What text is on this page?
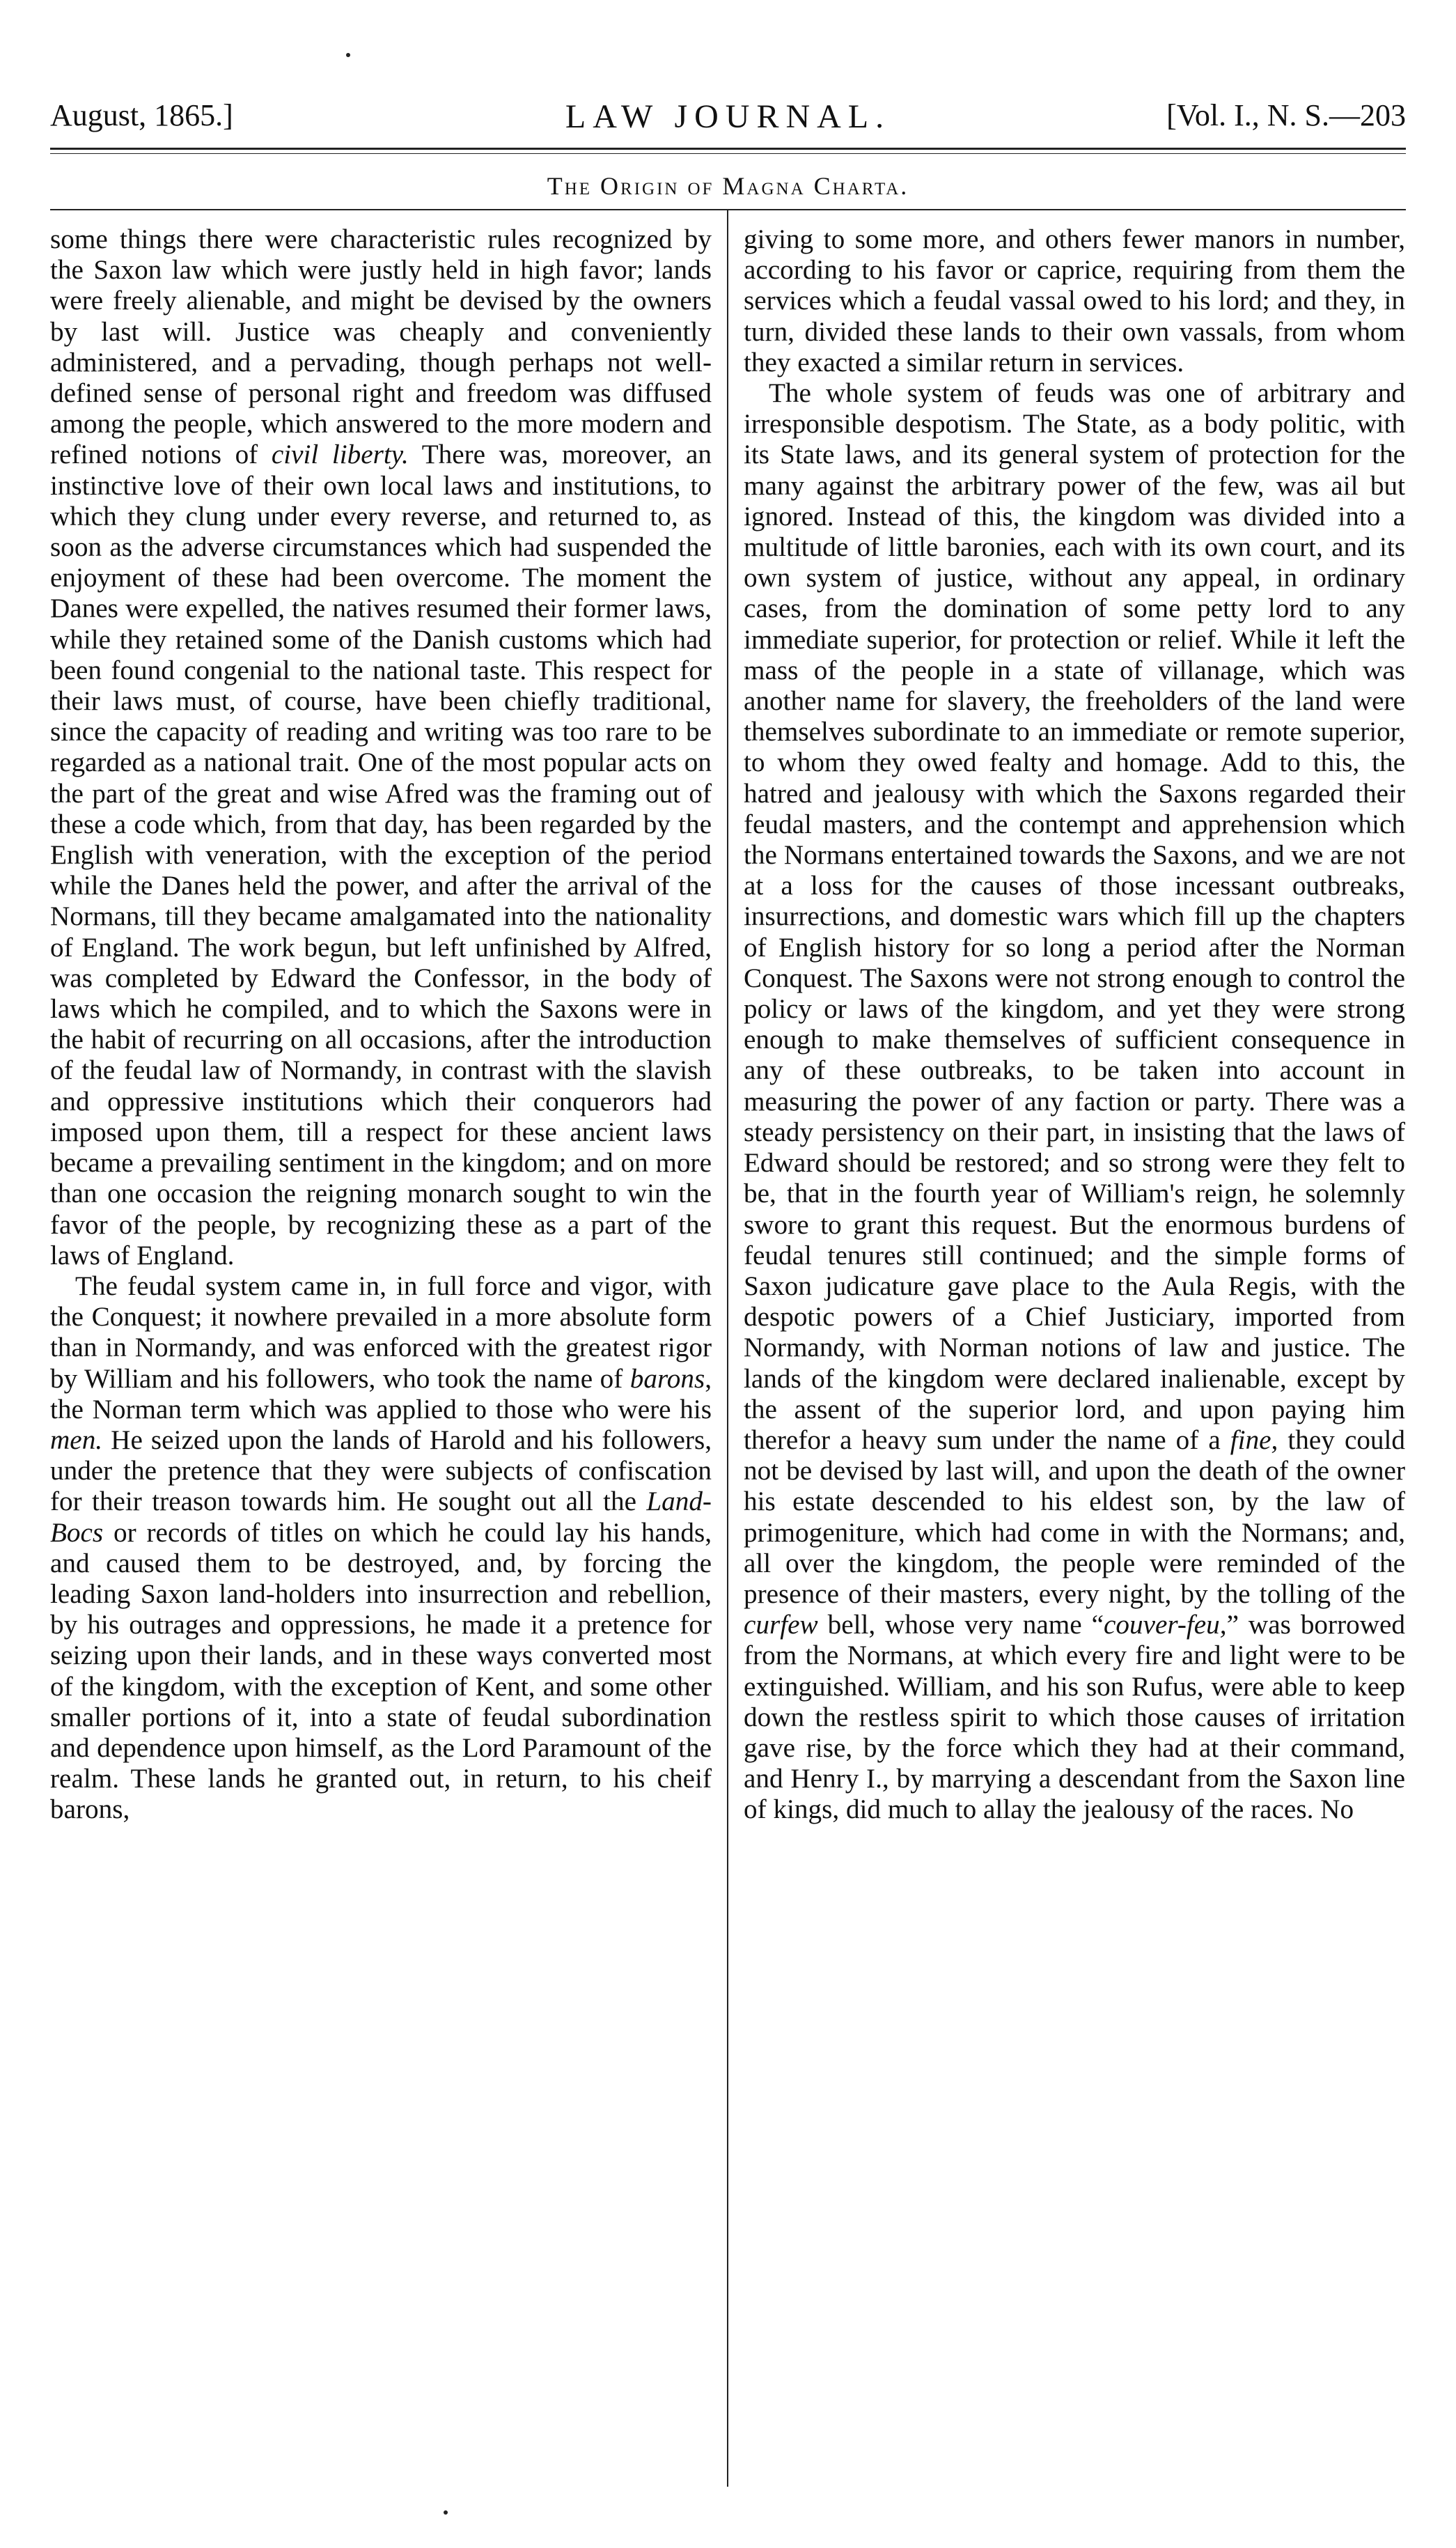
August, 1865.]	LAW JOURNAL.	[Vol. I., N. S.—203
The Origin of Magna Charta.

some things there were characteristic rules recognized by the Saxon law which were justly held in high favor; lands were freely alienable, and might be devised by the owners by last will. Justice was cheaply and conveniently administered, and a pervading, though perhaps not well-defined sense of personal right and freedom was diffused among the people, which answered to the more modern and refined notions of civil liberty. There was, moreover, an instinctive love of their own local laws and institutions, to which they clung under every reverse, and returned to, as soon as the adverse circumstances which had suspended the enjoyment of these had been overcome. The moment the Danes were expelled, the natives resumed their former laws, while they retained some of the Danish customs which had been found congenial to the national taste. This respect for their laws must, of course, have been chiefly traditional, since the capacity of reading and writing was too rare to be regarded as a national trait. One of the most popular acts on the part of the great and wise Afred was the framing out of these a code which, from that day, has been regarded by the English with veneration, with the exception of the period while the Danes held the power, and after the arrival of the Normans, till they became amalgamated into the nationality of England. The work begun, but left unfinished by Alfred, was completed by Edward the Confessor, in the body of laws which he compiled, and to which the Saxons were in the habit of recurring on all occasions, after the introduction of the feudal law of Normandy, in contrast with the slavish and oppressive institutions which their conquerors had imposed upon them, till a respect for these ancient laws became a prevailing sentiment in the kingdom; and on more than one occasion the reigning monarch sought to win the favor of the people, by recognizing these as a part of the laws of England.

The feudal system came in, in full force and vigor, with the Conquest; it nowhere prevailed in a more absolute form than in Normandy, and was enforced with the greatest rigor by William and his followers, who took the name of barons, the Norman term which was applied to those who were his men. He seized upon the lands of Harold and his followers, under the pretence that they were subjects of confiscation for their treason towards him. He sought out all the Land-Bocs or records of titles on which he could lay his hands, and caused them to be destroyed, and, by forcing the leading Saxon land-holders into insurrection and rebellion, by his outrages and oppressions, he made it a pretence for seizing upon their lands, and in these ways converted most of the kingdom, with the exception of Kent, and some other smaller portions of it, into a state of feudal subordination and dependence upon himself, as the Lord Paramount of the realm. These lands he granted out, in return, to his cheif barons,

giving to some more, and others fewer manors in number, according to his favor or caprice, requiring from them the services which a feudal vassal owed to his lord; and they, in turn, divided these lands to their own vassals, from whom they exacted a similar return in services.

The whole system of feuds was one of arbitrary and irresponsible despotism. The State, as a body politic, with its State laws, and its general system of protection for the many against the arbitrary power of the few, was ail but ignored. Instead of this, the kingdom was divided into a multitude of little baronies, each with its own court, and its own system of justice, without any appeal, in ordinary cases, from the domination of some petty lord to any immediate superior, for protection or relief. While it left the mass of the people in a state of villanage, which was another name for slavery, the freeholders of the land were themselves subordinate to an immediate or remote superior, to whom they owed fealty and homage. Add to this, the hatred and jealousy with which the Saxons regarded their feudal masters, and the contempt and apprehension which the Normans entertained towards the Saxons, and we are not at a loss for the causes of those incessant outbreaks, insurrections, and domestic wars which fill up the chapters of English history for so long a period after the Norman Conquest. The Saxons were not strong enough to control the policy or laws of the kingdom, and yet they were strong enough to make themselves of sufficient consequence in any of these outbreaks, to be taken into account in measuring the power of any faction or party. There was a steady persistency on their part, in insisting that the laws of Edward should be restored; and so strong were they felt to be, that in the fourth year of William's reign, he solemnly swore to grant this request. But the enormous burdens of feudal tenures still continued; and the simple forms of Saxon judicature gave place to the Aula Regis, with the despotic powers of a Chief Justiciary, imported from Normandy, with Norman notions of law and justice. The lands of the kingdom were declared inalienable, except by the assent of the superior lord, and upon paying him therefor a heavy sum under the name of a fine, they could not be devised by last will, and upon the death of the owner his estate descended to his eldest son, by the law of primogeniture, which had come in with the Normans; and, all over the kingdom, the people were reminded of the presence of their masters, every night, by the tolling of the curfew bell, whose very name “couver-feu,” was borrowed from the Normans, at which every fire and light were to be extinguished. William, and his son Rufus, were able to keep down the restless spirit to which those causes of irritation gave rise, by the force which they had at their command, and Henry I., by marrying a descendant from the Saxon line of kings, did much to allay the jealousy of the races. No
